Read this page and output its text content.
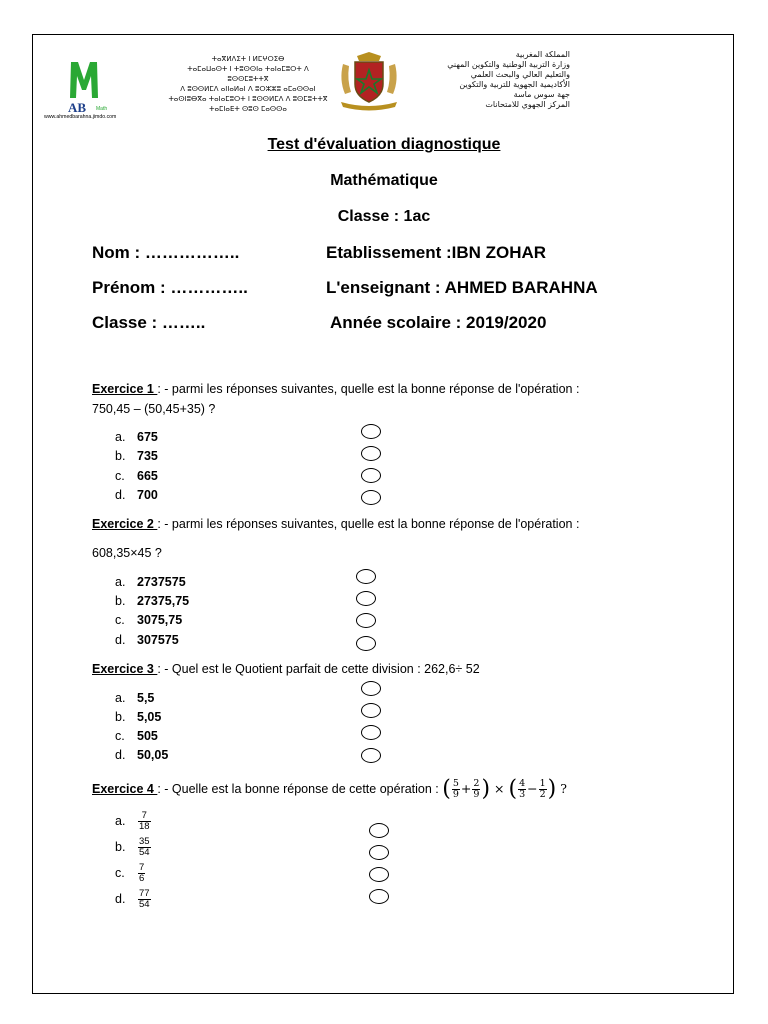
AB Math
www.ahmedbarahna.jimdo.com
ⵜⴰⴳⵍⴷⵉⵜ ⵏ ⵍⵎⵖⵔⵉⴱ
ⵜⴰⵎⴰⵡⴰⵙⵜ ⵏ ⵜⵓⵙⵙⵏⴰ ⵜⴰⵏⴰⵎⵓⵔⵜ ⴷ ⵓⵙⵙⵎⵓⵜⵜⴳ
ⴷ ⵓⵙⵙⵍⵎⴷ ⴰⵏⵏⴰⵍⴰⵏ ⴷ ⵓⵔⵣⵣⵓ ⴰⵎⴰⵙⵙⴰⵏ
ⵜⴰⵙⵏⵓⴱⴳⴰ ⵜⴰⵏⴰⵎⵓⵔⵜ ⵏ ⵓⵙⵙⵍⵎⴷ ⴷ ⵓⵙⵎⵓⵜⵜⴳ
ⵜⴰⵎⵏⴰⴹⵜ ⵙⵓⵙ ⵎⴰⵙⵙⴰ
المملكة المغربية
وزارة التربية الوطنية والتكوين المهني
والتعليم العالي والبحث العلمي
الأكاديمية الجهوية للتربية والتكوين
جهة سوس ماسة
المركز الجهوي للامتحانات
Test d'évaluation diagnostique
Mathématique
Classe : 1ac
Nom : ……………..
Prénom : …………..
Classe : ……..
Etablissement :IBN ZOHAR
L'enseignant : AHMED BARAHNA
Année scolaire : 2019/2020
Exercice 1 : - parmi les réponses suivantes, quelle est la bonne réponse de l'opération :
750,45 – (50,45+35) ?
a. 675
b. 735
c. 665
d. 700
Exercice 2 : - parmi les réponses suivantes, quelle est la bonne réponse de l'opération :
608,35×45 ?
a. 2737575
b. 27375,75
c. 3075,75
d. 307575
Exercice 3 : - Quel est le Quotient parfait de cette division : 262,6÷ 52
a. 5,5
b. 5,05
c. 505
d. 50,05
Exercice 4 : - Quelle est la bonne réponse de cette opération : ( $\frac{5}{9} + \frac{2}{9}$ ) × ( $\frac{4}{3} - \frac{1}{2}$ ) ?
a. $\frac{7}{18}$
b. $\frac{35}{54}$
c. $\frac{7}{6}$
d. $\frac{77}{54}$
